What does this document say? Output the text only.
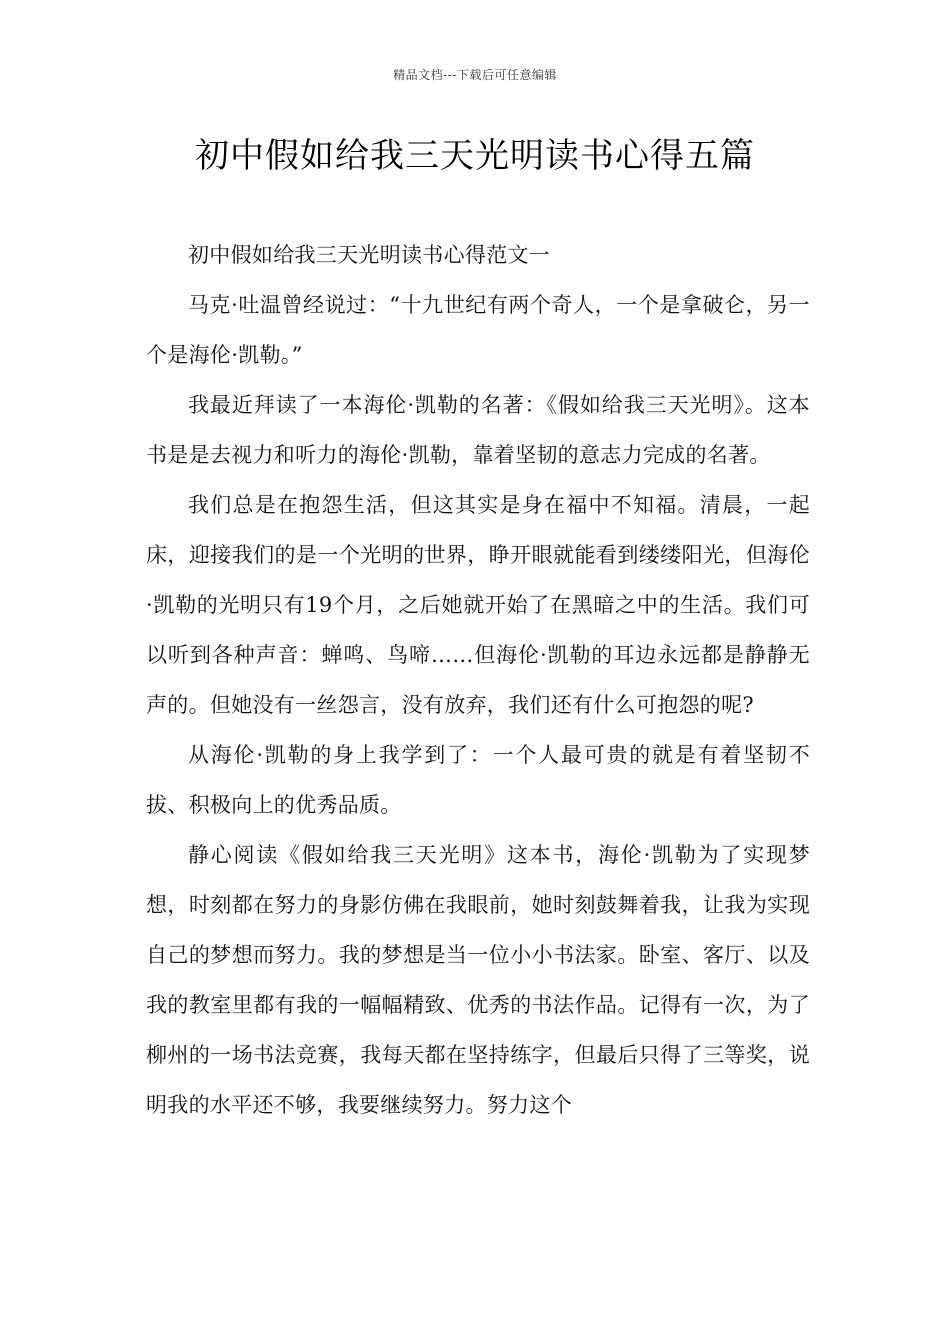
精品文档---下载后可任意编辑
初中假如给我三天光明读书心得五篇

初中假如给我三天光明读书心得范文一

马克·吐温曾经说过：“十九世纪有两个奇人，一个是拿破仑，另一个是海伦·凯勒。”

我最近拜读了一本海伦·凯勒的名著：《假如给我三天光明》。这本书是是去视力和听力的海伦·凯勒，靠着坚韧的意志力完成的名著。

我们总是在抱怨生活，但这其实是身在福中不知福。清晨，一起床，迎接我们的是一个光明的世界，睁开眼就能看到缕缕阳光，但海伦·凯勒的光明只有19个月，之后她就开始了在黑暗之中的生活。我们可以听到各种声音：蝉鸣、鸟啼……但海伦·凯勒的耳边永远都是静静无声的。但她没有一丝怨言，没有放弃，我们还有什么可抱怨的呢?

从海伦·凯勒的身上我学到了：一个人最可贵的就是有着坚韧不拔、积极向上的优秀品质。

静心阅读《假如给我三天光明》这本书，海伦·凯勒为了实现梦想，时刻都在努力的身影仿佛在我眼前，她时刻鼓舞着我，让我为实现自己的梦想而努力。我的梦想是当一位小小书法家。卧室、客厅、以及我的教室里都有我的一幅幅精致、优秀的书法作品。记得有一次，为了柳州的一场书法竞赛，我每天都在坚持练字，但最后只得了三等奖，说明我的水平还不够，我要继续努力。努力这个
